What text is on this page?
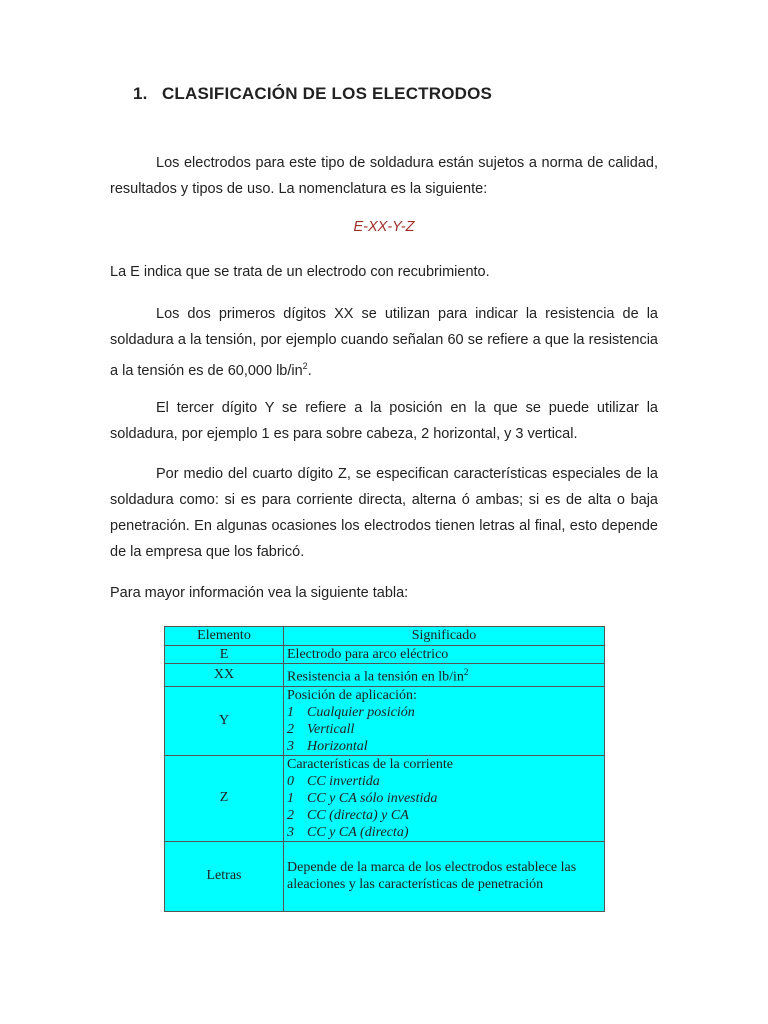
1. CLASIFICACIÓN DE LOS ELECTRODOS

Los electrodos para este tipo de soldadura están sujetos a norma de calidad, resultados y tipos de uso. La nomenclatura es la siguiente:

E-XX-Y-Z

La E indica que se trata de un electrodo con recubrimiento.

Los dos primeros dígitos XX se utilizan para indicar la resistencia de la soldadura a la tensión, por ejemplo cuando señalan 60 se refiere a que la resistencia a la tensión es de 60,000 $lb/in^2$.

El tercer dígito Y se refiere a la posición en la que se puede utilizar la soldadura, por ejemplo 1 es para sobre cabeza, 2 horizontal, y 3 vertical.

Por medio del cuarto dígito Z, se especifican características especiales de la soldadura como: si es para corriente directa, alterna ó ambas; si es de alta o baja penetración. En algunas ocasiones los electrodos tienen letras al final, esto depende de la empresa que los fabricó.

Para mayor información vea la siguiente tabla:

Elemento	Significado
E	Electrodo para arco eléctrico
XX	Resistencia a la tensión en $lb/in^2$
Y	Posición de aplicación:
1 Cualquier posición
2 Verticall
3 Horizontal

Z	Características de la corriente
0 CC invertida
1 CC y CA sólo investida
2 CC (directa) y CA
3 CC y CA (directa)

Letras	Depende de la marca de los electrodos establece las aleaciones y las características de penetración
